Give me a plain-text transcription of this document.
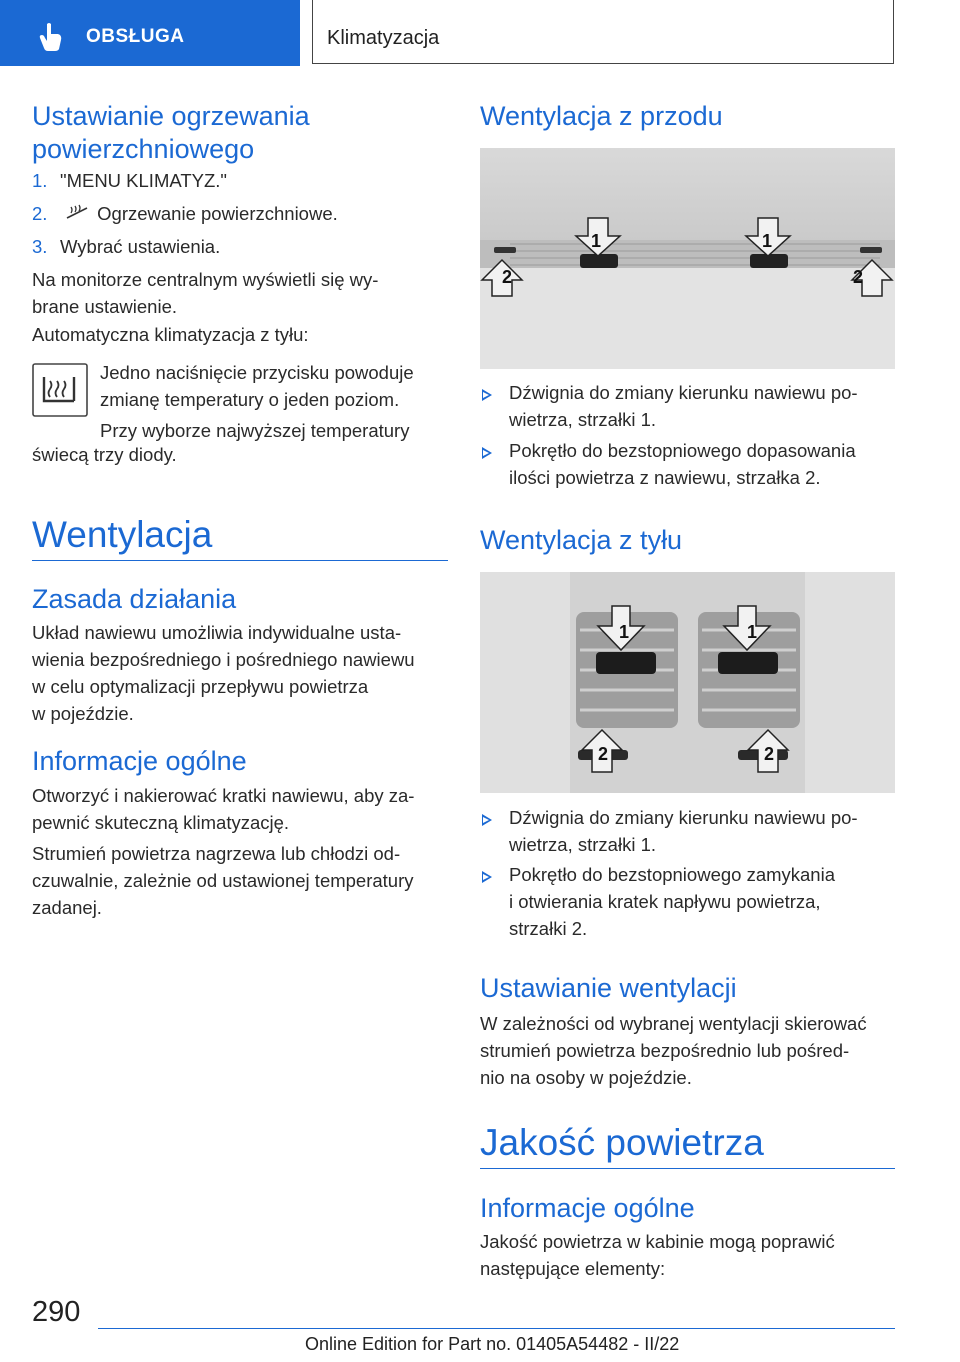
OBSŁUGA	Klimatyzacja
Ustawianie ogrzewania
powierzchniowego
1. "MENU KLIMATYZ."
2.	Ogrzewanie powierzchniowe.
3. Wybrać ustawienia.
Na monitorze centralnym wyświetli się wy-
brane ustawienie.
Automatyczna klimatyzacja z tyłu:
Jedno naciśnięcie przycisku powoduje
zmianę temperatury o jeden poziom.
Przy wyborze najwyższej temperatury
świecą trzy diody.
Wentylacja
Zasada działania
Układ nawiewu umożliwia indywidualne usta-
wienia bezpośredniego i pośredniego nawiewu
w celu optymalizacji przepływu powietrza
w pojeździe.
Informacje ogólne
Otworzyć i nakierować kratki nawiewu, aby za-
pewnić skuteczną klimatyzację.
Strumień powietrza nagrzewa lub chłodzi od-
czuwalnie, zależnie od ustawionej temperatury
zadanej.
Wentylacja z przodu
1	1
2	2
Dźwignia do zmiany kierunku nawiewu po-
wietrza, strzałki 1.
Pokrętło do bezstopniowego dopasowania
ilości powietrza z nawiewu, strzałka 2.
Wentylacja z tyłu
1	1
2	2
Dźwignia do zmiany kierunku nawiewu po-
wietrza, strzałki 1.
Pokrętło do bezstopniowego zamykania
i otwierania kratek napływu powietrza,
strzałki 2.
Ustawianie wentylacji
W zależności od wybranej wentylacji skierować
strumień powietrza bezpośrednio lub pośred-
nio na osoby w pojeździe.
Jakość powietrza
Informacje ogólne
Jakość powietrza w kabinie mogą poprawić
następujące elementy:
290
Online Edition for Part no. 01405A54482 - II/22
